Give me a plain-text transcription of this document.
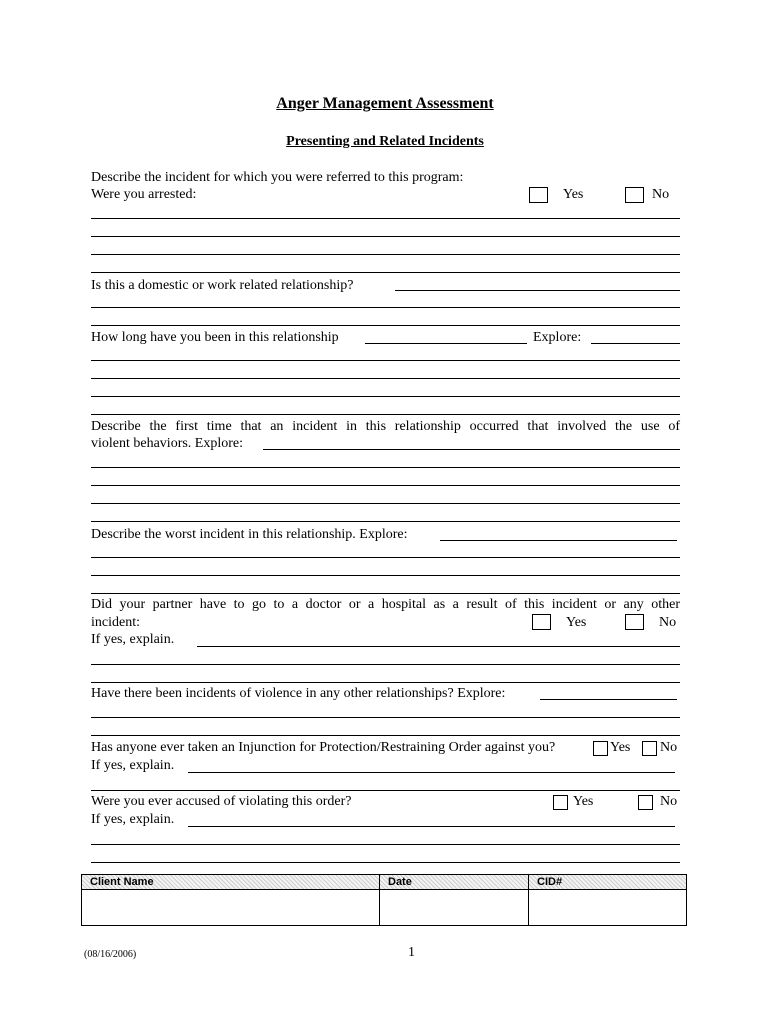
Anger Management Assessment
Presenting and Related Incidents
Describe the incident for which you were referred to this program:
Were you arrested:	Yes	No
Is this a domestic or work related relationship?
How long have you been in this relationship	Explore:
Describe the first time that an incident in this relationship occurred that involved the use of
violent behaviors. Explore:
Describe the worst incident in this relationship. Explore:
Did your partner have to go to a doctor or a hospital as a result of this incident or any other
incident:	Yes	No
If yes, explain.
Have there been incidents of violence in any other relationships? Explore:
Has anyone ever taken an Injunction for Protection/Restraining Order against you?	Yes No
If yes, explain.
Were you ever accused of violating this order?	Yes	No
If yes, explain.
Client Name	Date	CID#
(08/16/2006)	1
